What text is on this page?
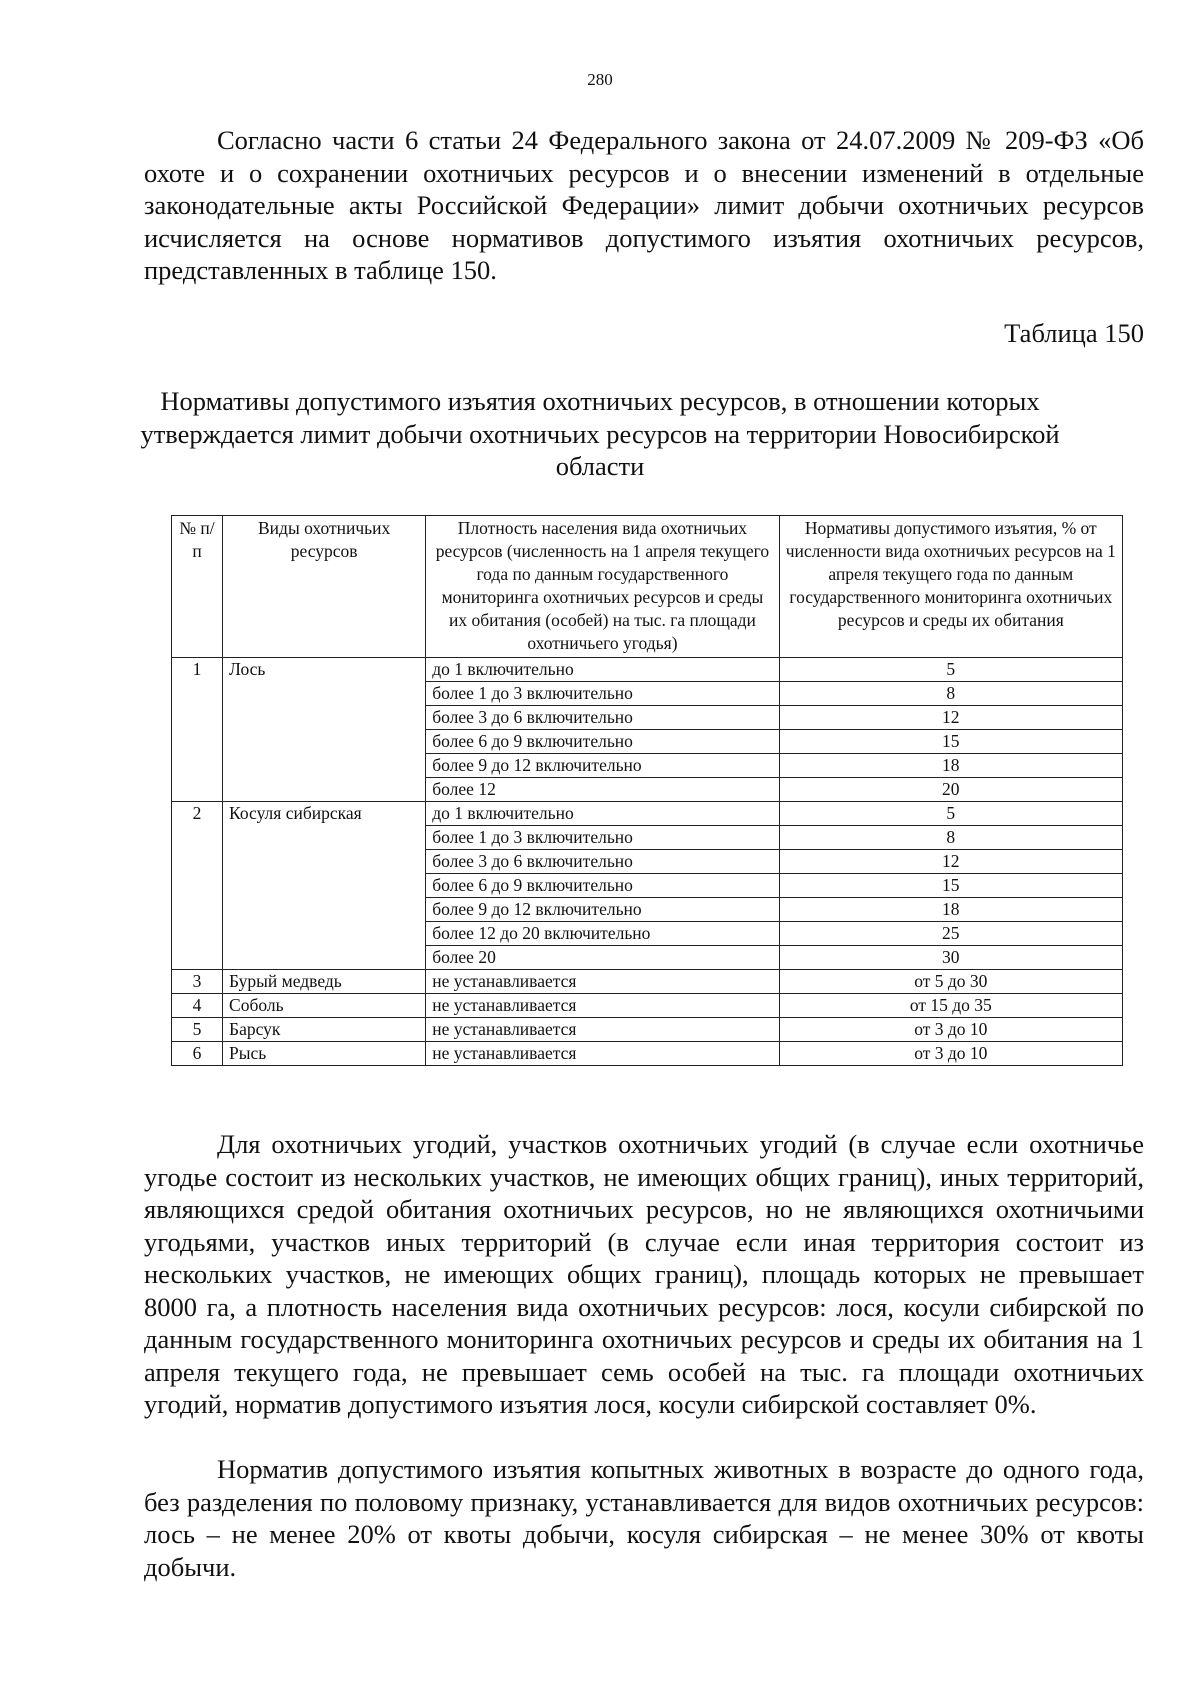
280

Согласно части 6 статьи 24 Федерального закона от 24.07.2009 № 209-ФЗ «Об охоте и о сохранении охотничьих ресурсов и о внесении изменений в отдельные законодательные акты Российской Федерации» лимит добычи охотничьих ресурсов исчисляется на основе нормативов допустимого изъятия охотничьих ресурсов, представленных в таблице 150.

Таблица 150

Нормативы допустимого изъятия охотничьих ресурсов, в отношении которых утверждается лимит добычи охотничьих ресурсов на территории Новосибирской области

№ п/п	Виды охотничьих ресурсов	Плотность населения вида охотничьих ресурсов (численность на 1 апреля текущего года по данным государственного мониторинга охотничьих ресурсов и среды их обитания (особей) на тыс. га площади охотничьего угодья)	Нормативы допустимого изъятия, % от численности вида охотничьих ресурсов на 1 апреля текущего года по данным государственного мониторинга охотничьих ресурсов и среды их обитания
1	Лось	до 1 включительно	5
		более 1 до 3 включительно	8
		более 3 до 6 включительно	12
		более 6 до 9 включительно	15
		более 9 до 12 включительно	18
		более 12	20
2	Косуля сибирская	до 1 включительно	5
		более 1 до 3 включительно	8
		более 3 до 6 включительно	12
		более 6 до 9 включительно	15
		более 9 до 12 включительно	18
		более 12 до 20 включительно	25
		более 20	30
3	Бурый медведь	не устанавливается	от 5 до 30
4	Соболь	не устанавливается	от 15 до 35
5	Барсук	не устанавливается	от 3 до 10
6	Рысь	не устанавливается	от 3 до 10

Для охотничьих угодий, участков охотничьих угодий (в случае если охотничье угодье состоит из нескольких участков, не имеющих общих границ), иных территорий, являющихся средой обитания охотничьих ресурсов, но не являющихся охотничьими угодьями, участков иных территорий (в случае если иная территория состоит из нескольких участков, не имеющих общих границ), площадь которых не превышает 8000 га, а плотность населения вида охотничьих ресурсов: лося, косули сибирской по данным государственного мониторинга охотничьих ресурсов и среды их обитания на 1 апреля текущего года, не превышает семь особей на тыс. га площади охотничьих угодий, норматив допустимого изъятия лося, косули сибирской составляет 0%.

Норматив допустимого изъятия копытных животных в возрасте до одного года, без разделения по половому признаку, устанавливается для видов охотничьих ресурсов: лось – не менее 20% от квоты добычи, косуля сибирская – не менее 30% от квоты добычи.
